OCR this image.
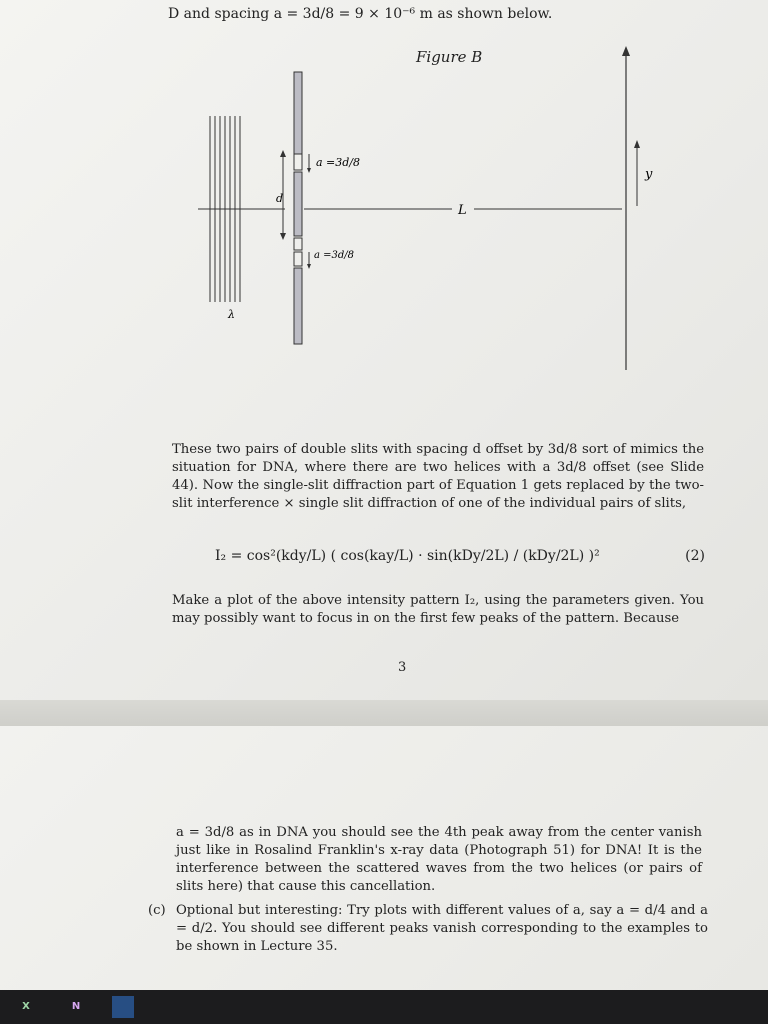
D and spacing a = 3d/8 = 9 × 10⁻⁶ m as shown below.
Figure B
d
a =3d/8
a =3d/8
L
y
λ
These two pairs of double slits with spacing d offset by 3d/8 sort of mimics the situation for DNA, where there are two helices with a 3d/8 offset (see Slide 44). Now the single-slit diffraction part of Equation 1 gets replaced by the two-slit interference × single slit diffraction of one of the individual pairs of slits,
I₂ = cos²(kdy/L) ( cos(kay/L) · sin(kDy/2L) / (kDy/2L) )²	(2)
Make a plot of the above intensity pattern I₂, using the parameters given. You may possibly want to focus in on the first few peaks of the pattern. Because
3
a = 3d/8 as in DNA you should see the 4th peak away from the center vanish just like in Rosalind Franklin's x-ray data (Photograph 51) for DNA! It is the interference between the scattered waves from the two helices (or pairs of slits here) that cause this cancellation.
(c) Optional but interesting: Try plots with different values of a, say a = d/4 and a = d/2. You should see different peaks vanish corresponding to the examples to be shown in Lecture 35.
X	N
